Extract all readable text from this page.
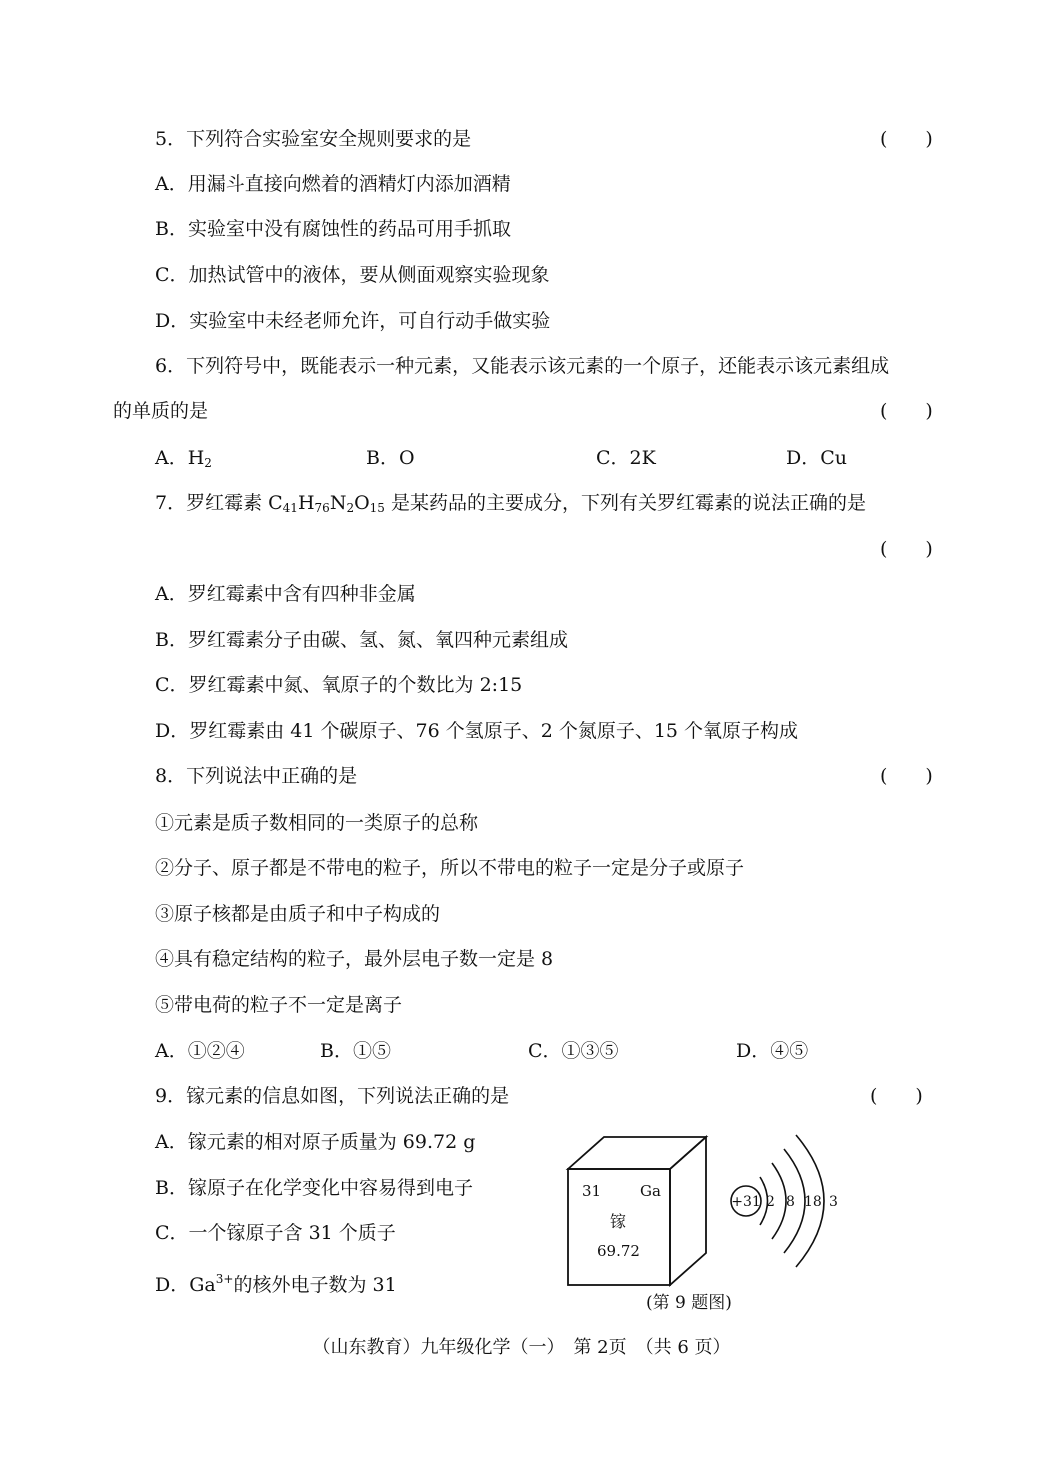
5．下列符合实验室安全规则要求的是	(　　)
A．用漏斗直接向燃着的酒精灯内添加酒精
B．实验室中没有腐蚀性的药品可用手抓取
C．加热试管中的液体，要从侧面观察实验现象
D．实验室中未经老师允许，可自行动手做实验
6．下列符号中，既能表示一种元素，又能表示该元素的一个原子，还能表示该元素组成
的单质的是	(　　)
A．$H_2$	B．O	C．2K	D．Cu
7．罗红霉素 $C_{41}H_{76}N_2O_{15}$ 是某药品的主要成分，下列有关罗红霉素的说法正确的是
(　　)
A．罗红霉素中含有四种非金属
B．罗红霉素分子由碳、氢、氮、氧四种元素组成
C．罗红霉素中氮、氧原子的个数比为 2:15
D．罗红霉素由 41 个碳原子、76 个氢原子、2 个氮原子、15 个氧原子构成
8．下列说法中正确的是	(　　)
①元素是质子数相同的一类原子的总称
②分子、原子都是不带电的粒子，所以不带电的粒子一定是分子或原子
③原子核都是由质子和中子构成的
④具有稳定结构的粒子，最外层电子数一定是 8
⑤带电荷的粒子不一定是离子
A．①②④	B．①⑤	C．①③⑤	D．④⑤
9．镓元素的信息如图，下列说法正确的是	(　　)
A．镓元素的相对原子质量为 69.72 g
B．镓原子在化学变化中容易得到电子
C．一个镓原子含 31 个质子
D．$Ga^{3+}$的核外电子数为 31
31	Ga
镓
69.72
+31 2 8 18 3
(第 9 题图)
（山东教育）九年级化学（一）　第 2页　（共 6 页）
